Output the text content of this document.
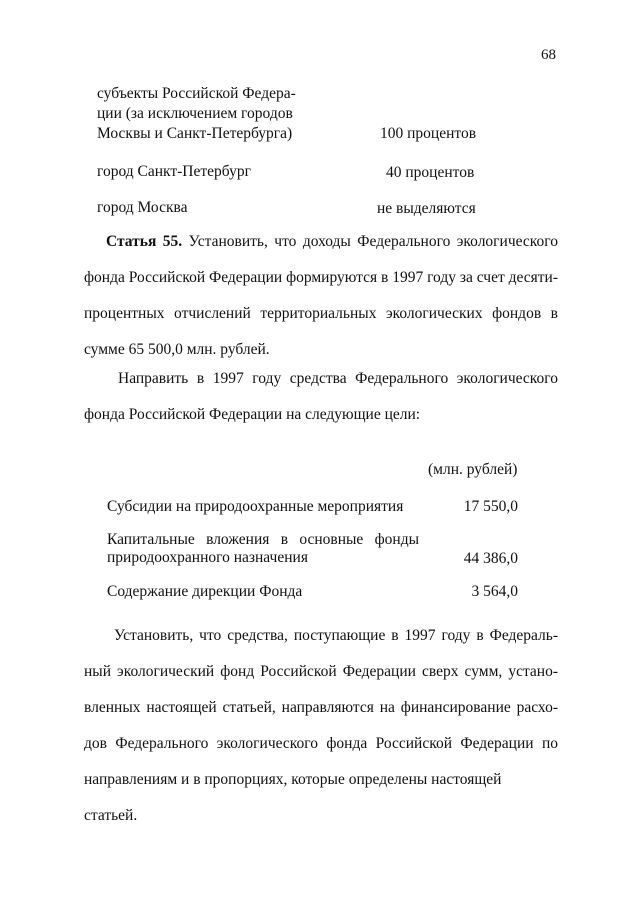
68
субъекты Российской Федера-
ции (за исключением городов
Москвы и Санкт-Петербурга)	100 процентов
город Санкт-Петербург	40 процентов
город Москва	не выделяются
Статья 55. Установить, что доходы Федерального экологического
фонда Российской Федерации формируются в 1997 году за счет десяти-
процентных отчислений территориальных экологических фондов в
сумме 65 500,0 млн. рублей.
Направить в 1997 году средства Федерального экологического
фонда Российской Федерации на следующие цели:
(млн. рублей)
Субсидии на природоохранные мероприятия	17 550,0
Капитальные вложения в основные фонды природоохранного назначения	44 386,0
Содержание дирекции Фонда	3 564,0
Установить, что средства, поступающие в 1997 году в Федераль-
ный экологический фонд Российской Федерации сверх сумм, устано-
вленных настоящей статьей, направляются на финансирование расхо-
дов Федерального экологического фонда Российской Федерации по
направлениям и в пропорциях, которые определены настоящей статьей.
